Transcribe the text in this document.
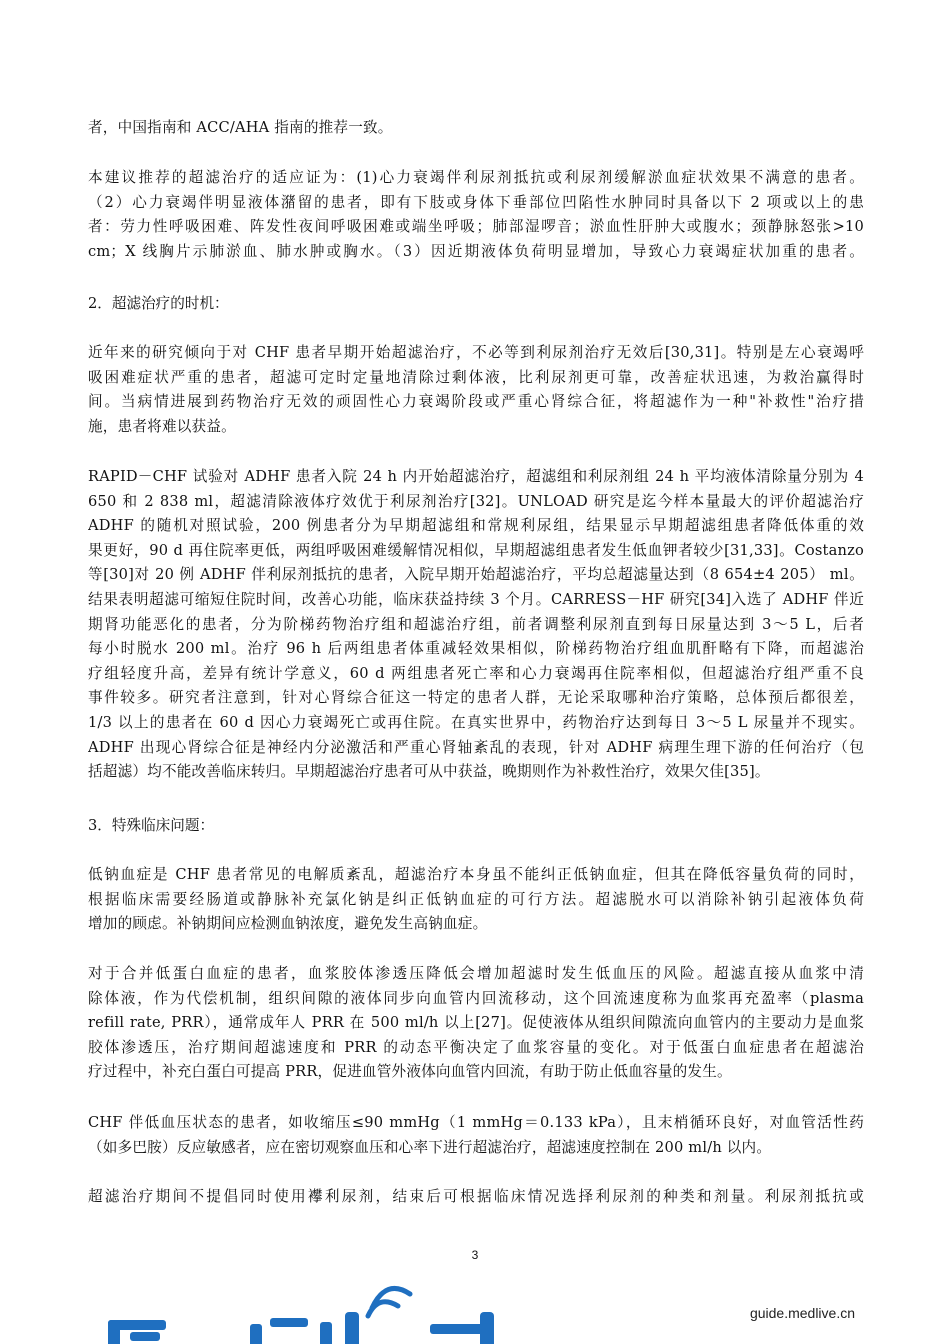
者，中国指南和 ACC/AHA 指南的推荐一致。
本建议推荐的超滤治疗的适应证为：(1)心力衰竭伴利尿剂抵抗或利尿剂缓解淤血症状效果不满意的患者。
（2）心力衰竭伴明显液体潴留的患者，即有下肢或身体下垂部位凹陷性水肿同时具备以下 2 项或以上的患
者：劳力性呼吸困难、阵发性夜间呼吸困难或端坐呼吸；肺部湿啰音；淤血性肝肿大或腹水；颈静脉怒张>10
cm；X 线胸片示肺淤血、肺水肿或胸水。（3）因近期液体负荷明显增加，导致心力衰竭症状加重的患者。
2．超滤治疗的时机：
近年来的研究倾向于对 CHF 患者早期开始超滤治疗，不必等到利尿剂治疗无效后[30,31]。特别是左心衰竭呼
吸困难症状严重的患者，超滤可定时定量地清除过剩体液，比利尿剂更可靠，改善症状迅速，为救治赢得时
间。当病情进展到药物治疗无效的顽固性心力衰竭阶段或严重心肾综合征，将超滤作为一种"补救性"治疗措
施，患者将难以获益。
RAPID－CHF 试验对 ADHF 患者入院 24 h 内开始超滤治疗，超滤组和利尿剂组 24 h 平均液体清除量分别为 4
650 和 2 838 ml，超滤清除液体疗效优于利尿剂治疗[32]。UNLOAD 研究是迄今样本量最大的评价超滤治疗
ADHF 的随机对照试验，200 例患者分为早期超滤组和常规利尿组，结果显示早期超滤组患者降低体重的效
果更好，90 d 再住院率更低，两组呼吸困难缓解情况相似，早期超滤组患者发生低血钾者较少[31,33]。Costanzo
等[30]对 20 例 ADHF 伴利尿剂抵抗的患者，入院早期开始超滤治疗，平均总超滤量达到（8 654±4 205） ml。
结果表明超滤可缩短住院时间，改善心功能，临床获益持续 3 个月。CARRESS－HF 研究[34]入选了 ADHF 伴近
期肾功能恶化的患者，分为阶梯药物治疗组和超滤治疗组，前者调整利尿剂直到每日尿量达到 3～5 L，后者
每小时脱水 200 ml。治疗 96 h 后两组患者体重减轻效果相似，阶梯药物治疗组血肌酐略有下降，而超滤治
疗组轻度升高，差异有统计学意义，60 d 两组患者死亡率和心力衰竭再住院率相似，但超滤治疗组严重不良
事件较多。研究者注意到，针对心肾综合征这一特定的患者人群，无论采取哪种治疗策略，总体预后都很差，
1/3 以上的患者在 60 d 因心力衰竭死亡或再住院。在真实世界中，药物治疗达到每日 3～5 L 尿量并不现实。
ADHF 出现心肾综合征是神经内分泌激活和严重心肾轴紊乱的表现，针对 ADHF 病理生理下游的任何治疗（包
括超滤）均不能改善临床转归。早期超滤治疗患者可从中获益，晚期则作为补救性治疗，效果欠佳[35]。
3．特殊临床问题：
低钠血症是 CHF 患者常见的电解质紊乱，超滤治疗本身虽不能纠正低钠血症，但其在降低容量负荷的同时，
根据临床需要经肠道或静脉补充氯化钠是纠正低钠血症的可行方法。超滤脱水可以消除补钠引起液体负荷
增加的顾虑。补钠期间应检测血钠浓度，避免发生高钠血症。
对于合并低蛋白血症的患者，血浆胶体渗透压降低会增加超滤时发生低血压的风险。超滤直接从血浆中清
除体液，作为代偿机制，组织间隙的液体同步向血管内回流移动，这个回流速度称为血浆再充盈率（plasma
refill rate, PRR），通常成年人 PRR 在 500 ml/h 以上[27]。促使液体从组织间隙流向血管内的主要动力是血浆
胶体渗透压，治疗期间超滤速度和 PRR 的动态平衡决定了血浆容量的变化。对于低蛋白血症患者在超滤治
疗过程中，补充白蛋白可提高 PRR，促进血管外液体向血管内回流，有助于防止低血容量的发生。
CHF 伴低血压状态的患者，如收缩压≤90 mmHg（1 mmHg＝0.133 kPa），且末梢循环良好，对血管活性药
（如多巴胺）反应敏感者，应在密切观察血压和心率下进行超滤治疗，超滤速度控制在 200 ml/h 以内。
超滤治疗期间不提倡同时使用襻利尿剂，结束后可根据临床情况选择利尿剂的种类和剂量。利尿剂抵抗或
3
guide.medlive.cn
